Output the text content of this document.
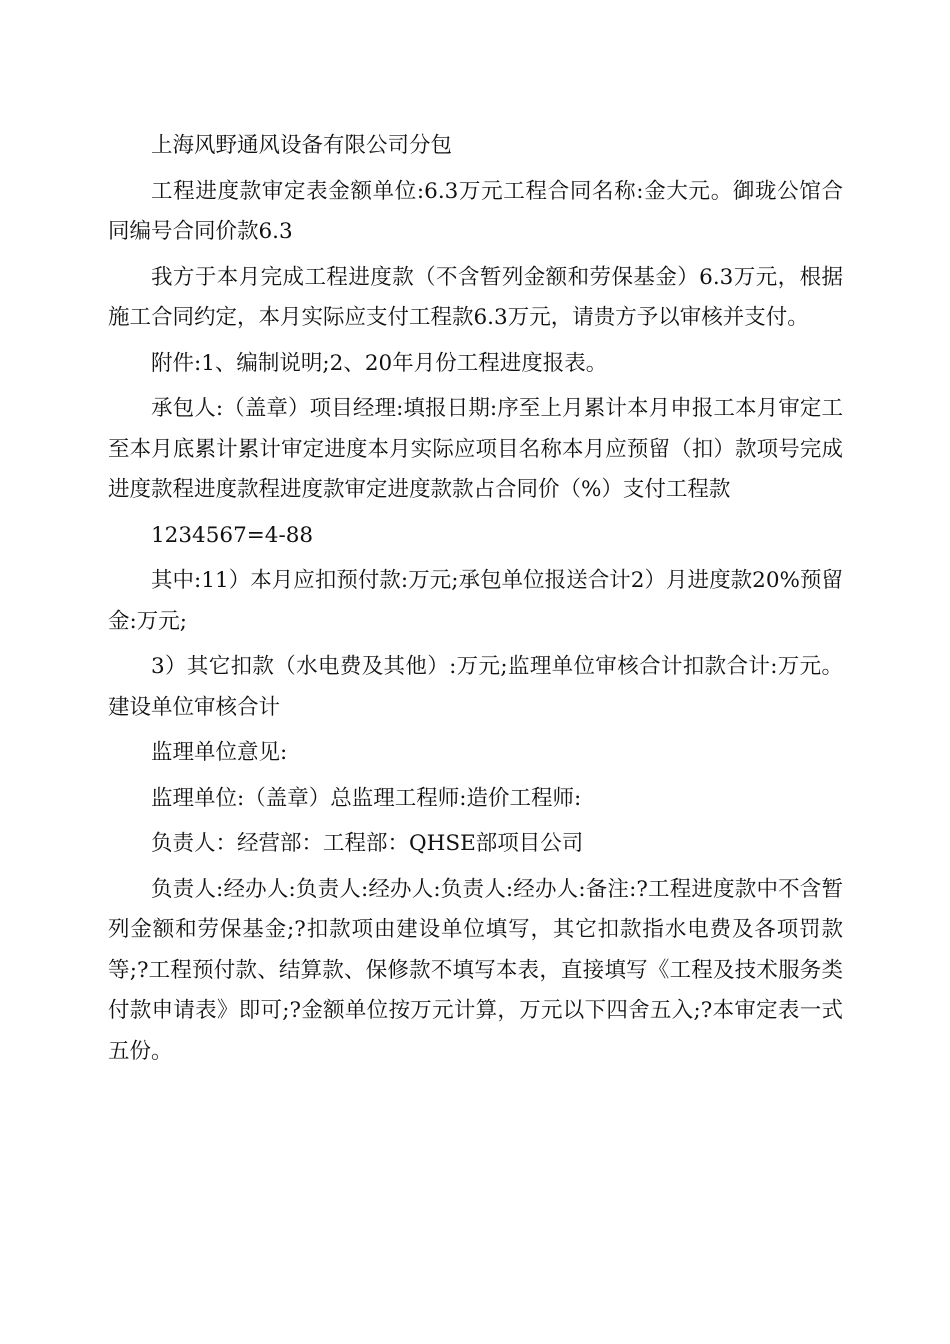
上海风野通风设备有限公司分包

工程进度款审定表金额单位:6.3万元工程合同名称:金大元。御珑公馆合同编号合同价款6.3

我方于本月完成工程进度款（不含暂列金额和劳保基金）6.3万元，根据施工合同约定，本月实际应支付工程款6.3万元，请贵方予以审核并支付。

附件:1、编制说明;2、20年月份工程进度报表。

承包人:（盖章）项目经理:填报日期:序至上月累计本月申报工本月审定工至本月底累计累计审定进度本月实际应项目名称本月应预留（扣）款项号完成进度款程进度款程进度款审定进度款款占合同价（%）支付工程款

1234567=4-88

其中:11）本月应扣预付款:万元;承包单位报送合计2）月进度款20%预留金:万元;

3）其它扣款（水电费及其他）:万元;监理单位审核合计扣款合计:万元。建设单位审核合计

监理单位意见:

监理单位:（盖章）总监理工程师:造价工程师:

负责人：经营部：工程部：QHSE部项目公司

负责人:经办人:负责人:经办人:负责人:经办人:备注:?工程进度款中不含暂列金额和劳保基金;?扣款项由建设单位填写，其它扣款指水电费及各项罚款等;?工程预付款、结算款、保修款不填写本表，直接填写《工程及技术服务类付款申请表》即可;?金额单位按万元计算，万元以下四舍五入;?本审定表一式五份。
